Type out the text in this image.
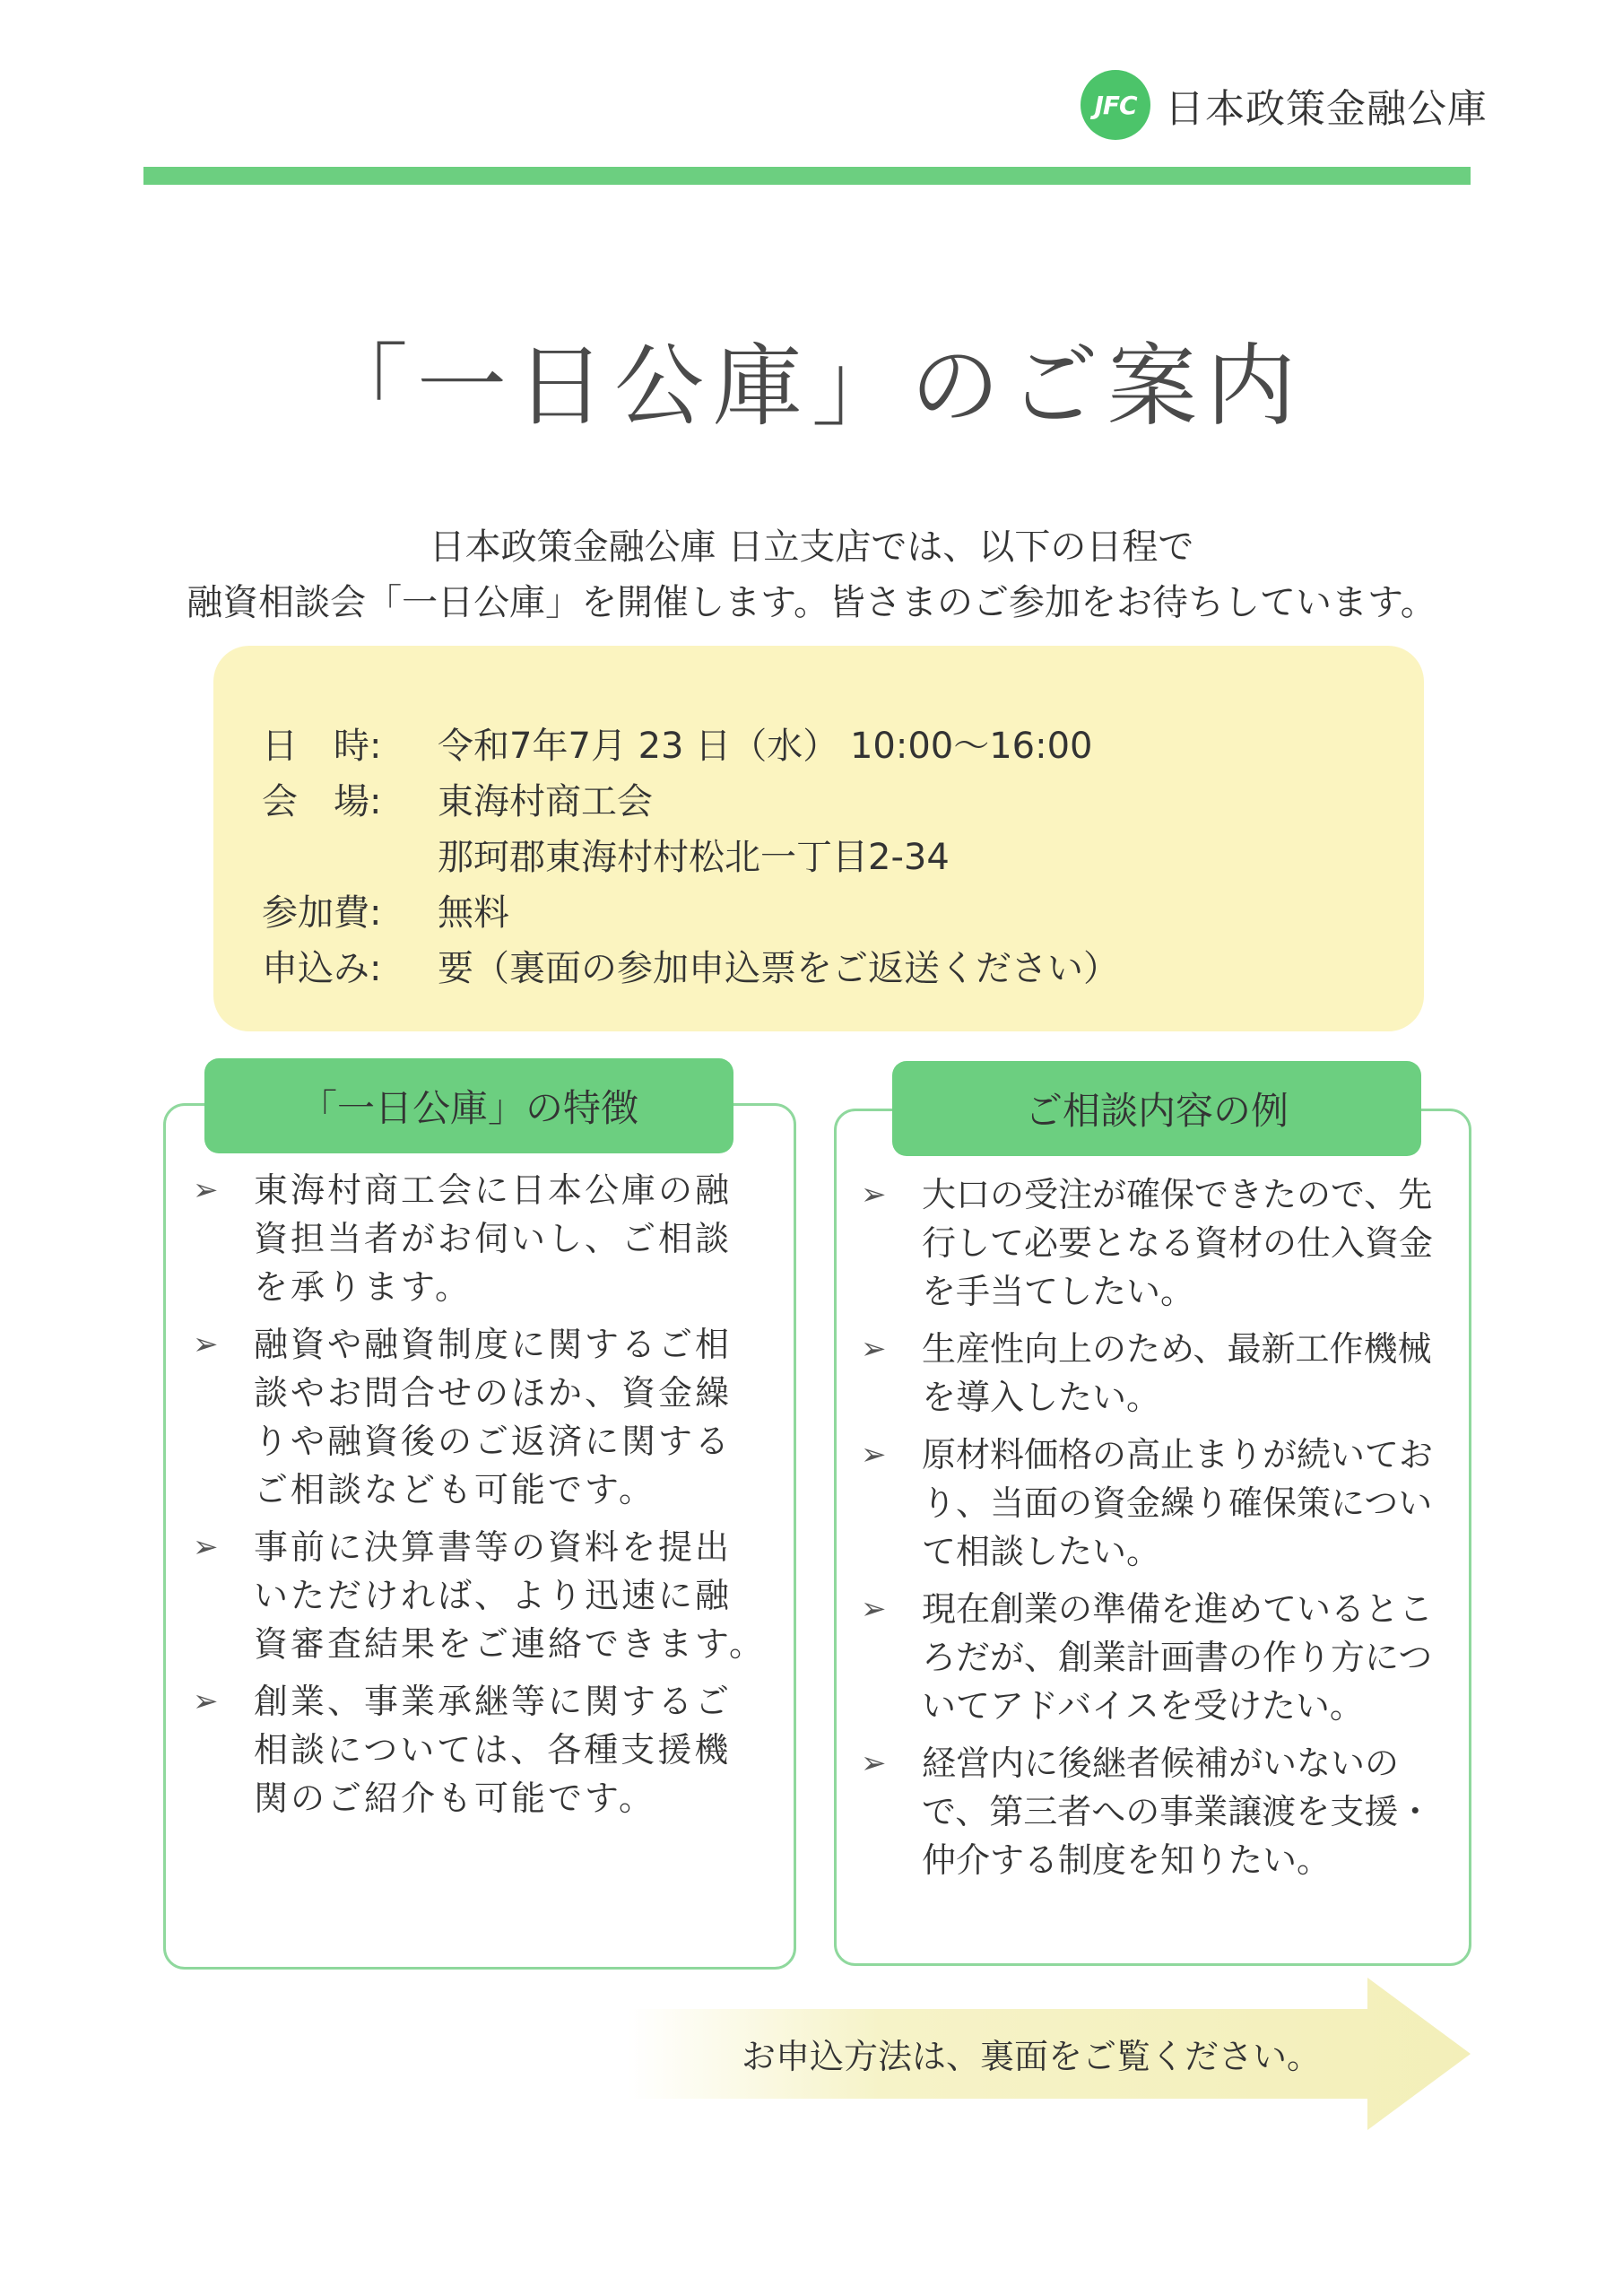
JFC 日本政策金融公庫
「一日公庫」のご案内
日本政策金融公庫 日立支店では、以下の日程で
融資相談会「一日公庫」を開催します。皆さまのご参加をお待ちしています。
日　時: 令和7年7月 23 日（水） 10:00～16:00
会　場: 東海村商工会
那珂郡東海村村松北一丁目2-34
参加費: 無料
申込み: 要（裏面の参加申込票をご返送ください）
「一日公庫」の特徴
➢ 東海村商工会に日本公庫の融資担当者がお伺いし、ご相談を承ります。
➢ 融資や融資制度に関するご相談やお問合せのほか、資金繰りや融資後のご返済に関するご相談なども可能です。
➢ 事前に決算書等の資料を提出いただければ、より迅速に融資審査結果をご連絡できます。
➢ 創業、事業承継等に関するご相談については、各種支援機関のご紹介も可能です。
ご相談内容の例
➢ 大口の受注が確保できたので、先行して必要となる資材の仕入資金を手当てしたい。
➢ 生産性向上のため、最新工作機械を導入したい。
➢ 原材料価格の高止まりが続いており、当面の資金繰り確保策について相談したい。
➢ 現在創業の準備を進めているところだが、創業計画書の作り方についてアドバイスを受けたい。
➢ 経営内に後継者候補がいないので、第三者への事業譲渡を支援・仲介する制度を知りたい。
お申込方法は、裏面をご覧ください。
